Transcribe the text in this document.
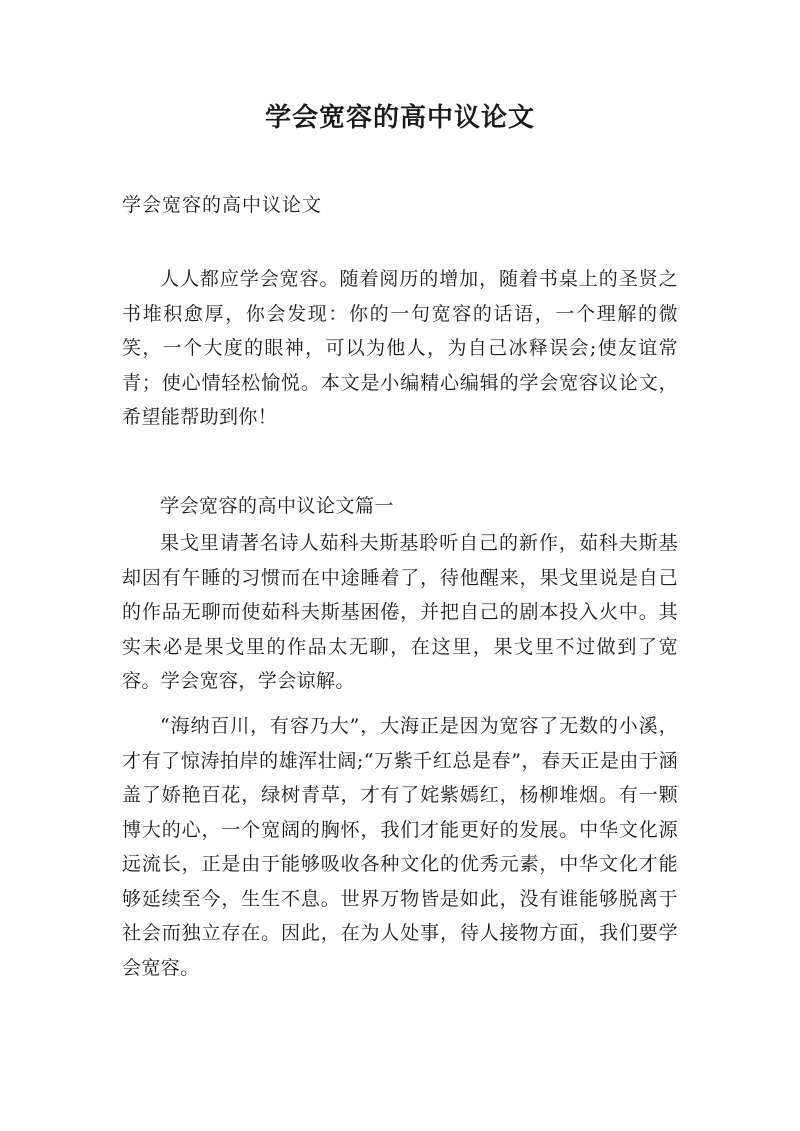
学会宽容的高中议论文

学会宽容的高中议论文

人人都应学会宽容。随着阅历的增加，随着书桌上的圣贤之书堆积愈厚，你会发现：你的一句宽容的话语，一个理解的微笑，一个大度的眼神，可以为他人，为自己冰释误会;使友谊常青；使心情轻松愉悦。本文是小编精心编辑的学会宽容议论文，希望能帮助到你！

学会宽容的高中议论文篇一

果戈里请著名诗人茹科夫斯基聆听自己的新作，茹科夫斯基却因有午睡的习惯而在中途睡着了，待他醒来，果戈里说是自己的作品无聊而使茹科夫斯基困倦，并把自己的剧本投入火中。其实未必是果戈里的作品太无聊，在这里，果戈里不过做到了宽容。学会宽容，学会谅解。

“海纳百川，有容乃大”，大海正是因为宽容了无数的小溪，才有了惊涛拍岸的雄浑壮阔;“万紫千红总是春”，春天正是由于涵盖了娇艳百花，绿树青草，才有了姹紫嫣红，杨柳堆烟。有一颗博大的心，一个宽阔的胸怀，我们才能更好的发展。中华文化源远流长，正是由于能够吸收各种文化的优秀元素，中华文化才能够延续至今，生生不息。世界万物皆是如此，没有谁能够脱离于社会而独立存在。因此，在为人处事，待人接物方面，我们要学会宽容。
